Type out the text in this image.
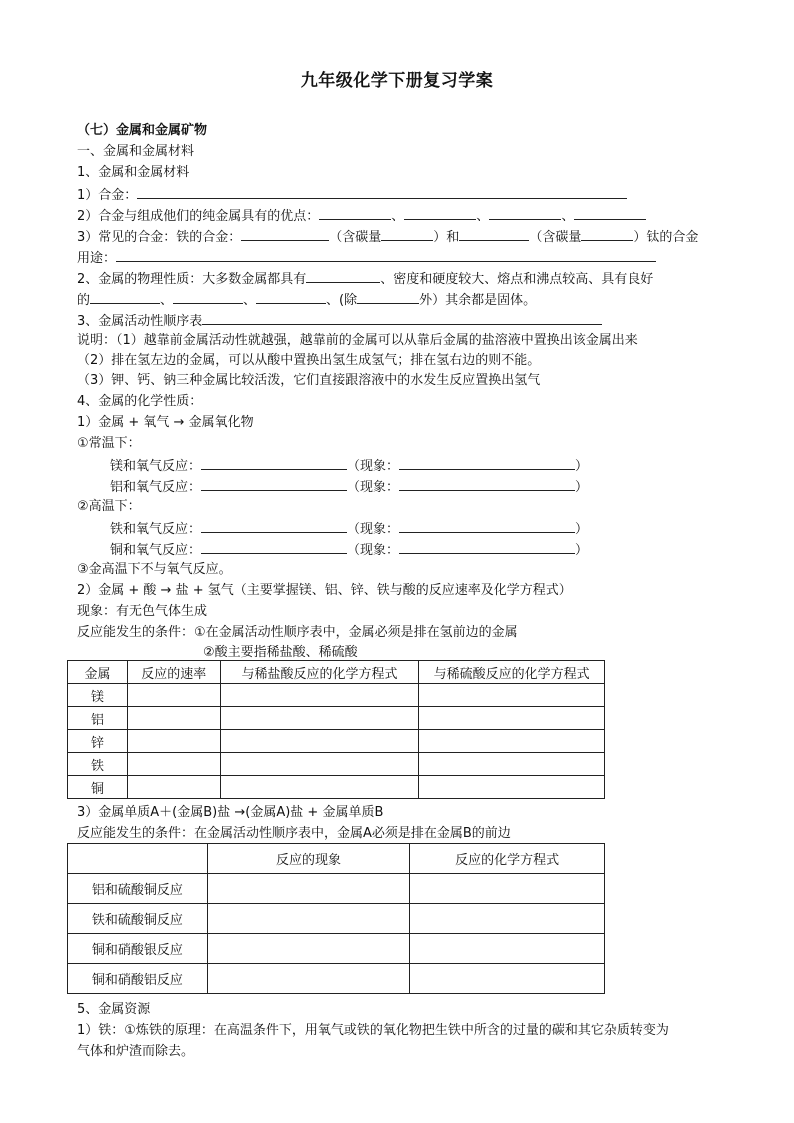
九年级化学下册复习学案
（七）金属和金属矿物
一、金属和金属材料
1、金属和金属材料
1）合金：
2）合金与组成他们的纯金属具有的优点：	、	、	、
3）常见的合金：铁的合金：	（含碳量	）和	（含碳量	）钛的合金
用途：
2、金属的物理性质：大多数金属都具有	、密度和硬度较大、熔点和沸点较高、具有良好
的	、	、	、(除	外）其余都是固体。
3、金属活动性顺序表
说明：（1）越靠前金属活动性就越强，越靠前的金属可以从靠后金属的盐溶液中置换出该金属出来
（2）排在氢左边的金属，可以从酸中置换出氢生成氢气；排在氢右边的则不能。
（3）钾、钙、钠三种金属比较活泼，它们直接跟溶液中的水发生反应置换出氢气
4、金属的化学性质：
1）金属 + 氧气 → 金属氧化物
①常温下：
镁和氧气反应：	（现象：	）
铝和氧气反应：	（现象：	）
②高温下：
铁和氧气反应：	（现象：	）
铜和氧气反应：	（现象：	）
③金高温下不与氧气反应。
2）金属 + 酸 → 盐 + 氢气（主要掌握镁、铝、锌、铁与酸的反应速率及化学方程式）
现象：有无色气体生成
反应能发生的条件：①在金属活动性顺序表中，金属必须是排在氢前边的金属
②酸主要指稀盐酸、稀硫酸
金属	反应的速率	与稀盐酸反应的化学方程式	与稀硫酸反应的化学方程式
镁			
铝			
锌			
铁			
铜			
3）金属单质A＋(金属B)盐 →(金属A)盐 + 金属单质B
反应能发生的条件：在金属活动性顺序表中，金属A必须是排在金属B的前边
	反应的现象	反应的化学方程式
铝和硫酸铜反应		
铁和硫酸铜反应		
铜和硝酸银反应		
铜和硝酸铝反应		
5、金属资源
1）铁：①炼铁的原理：在高温条件下，用氧气或铁的氧化物把生铁中所含的过量的碳和其它杂质转变为
气体和炉渣而除去。
